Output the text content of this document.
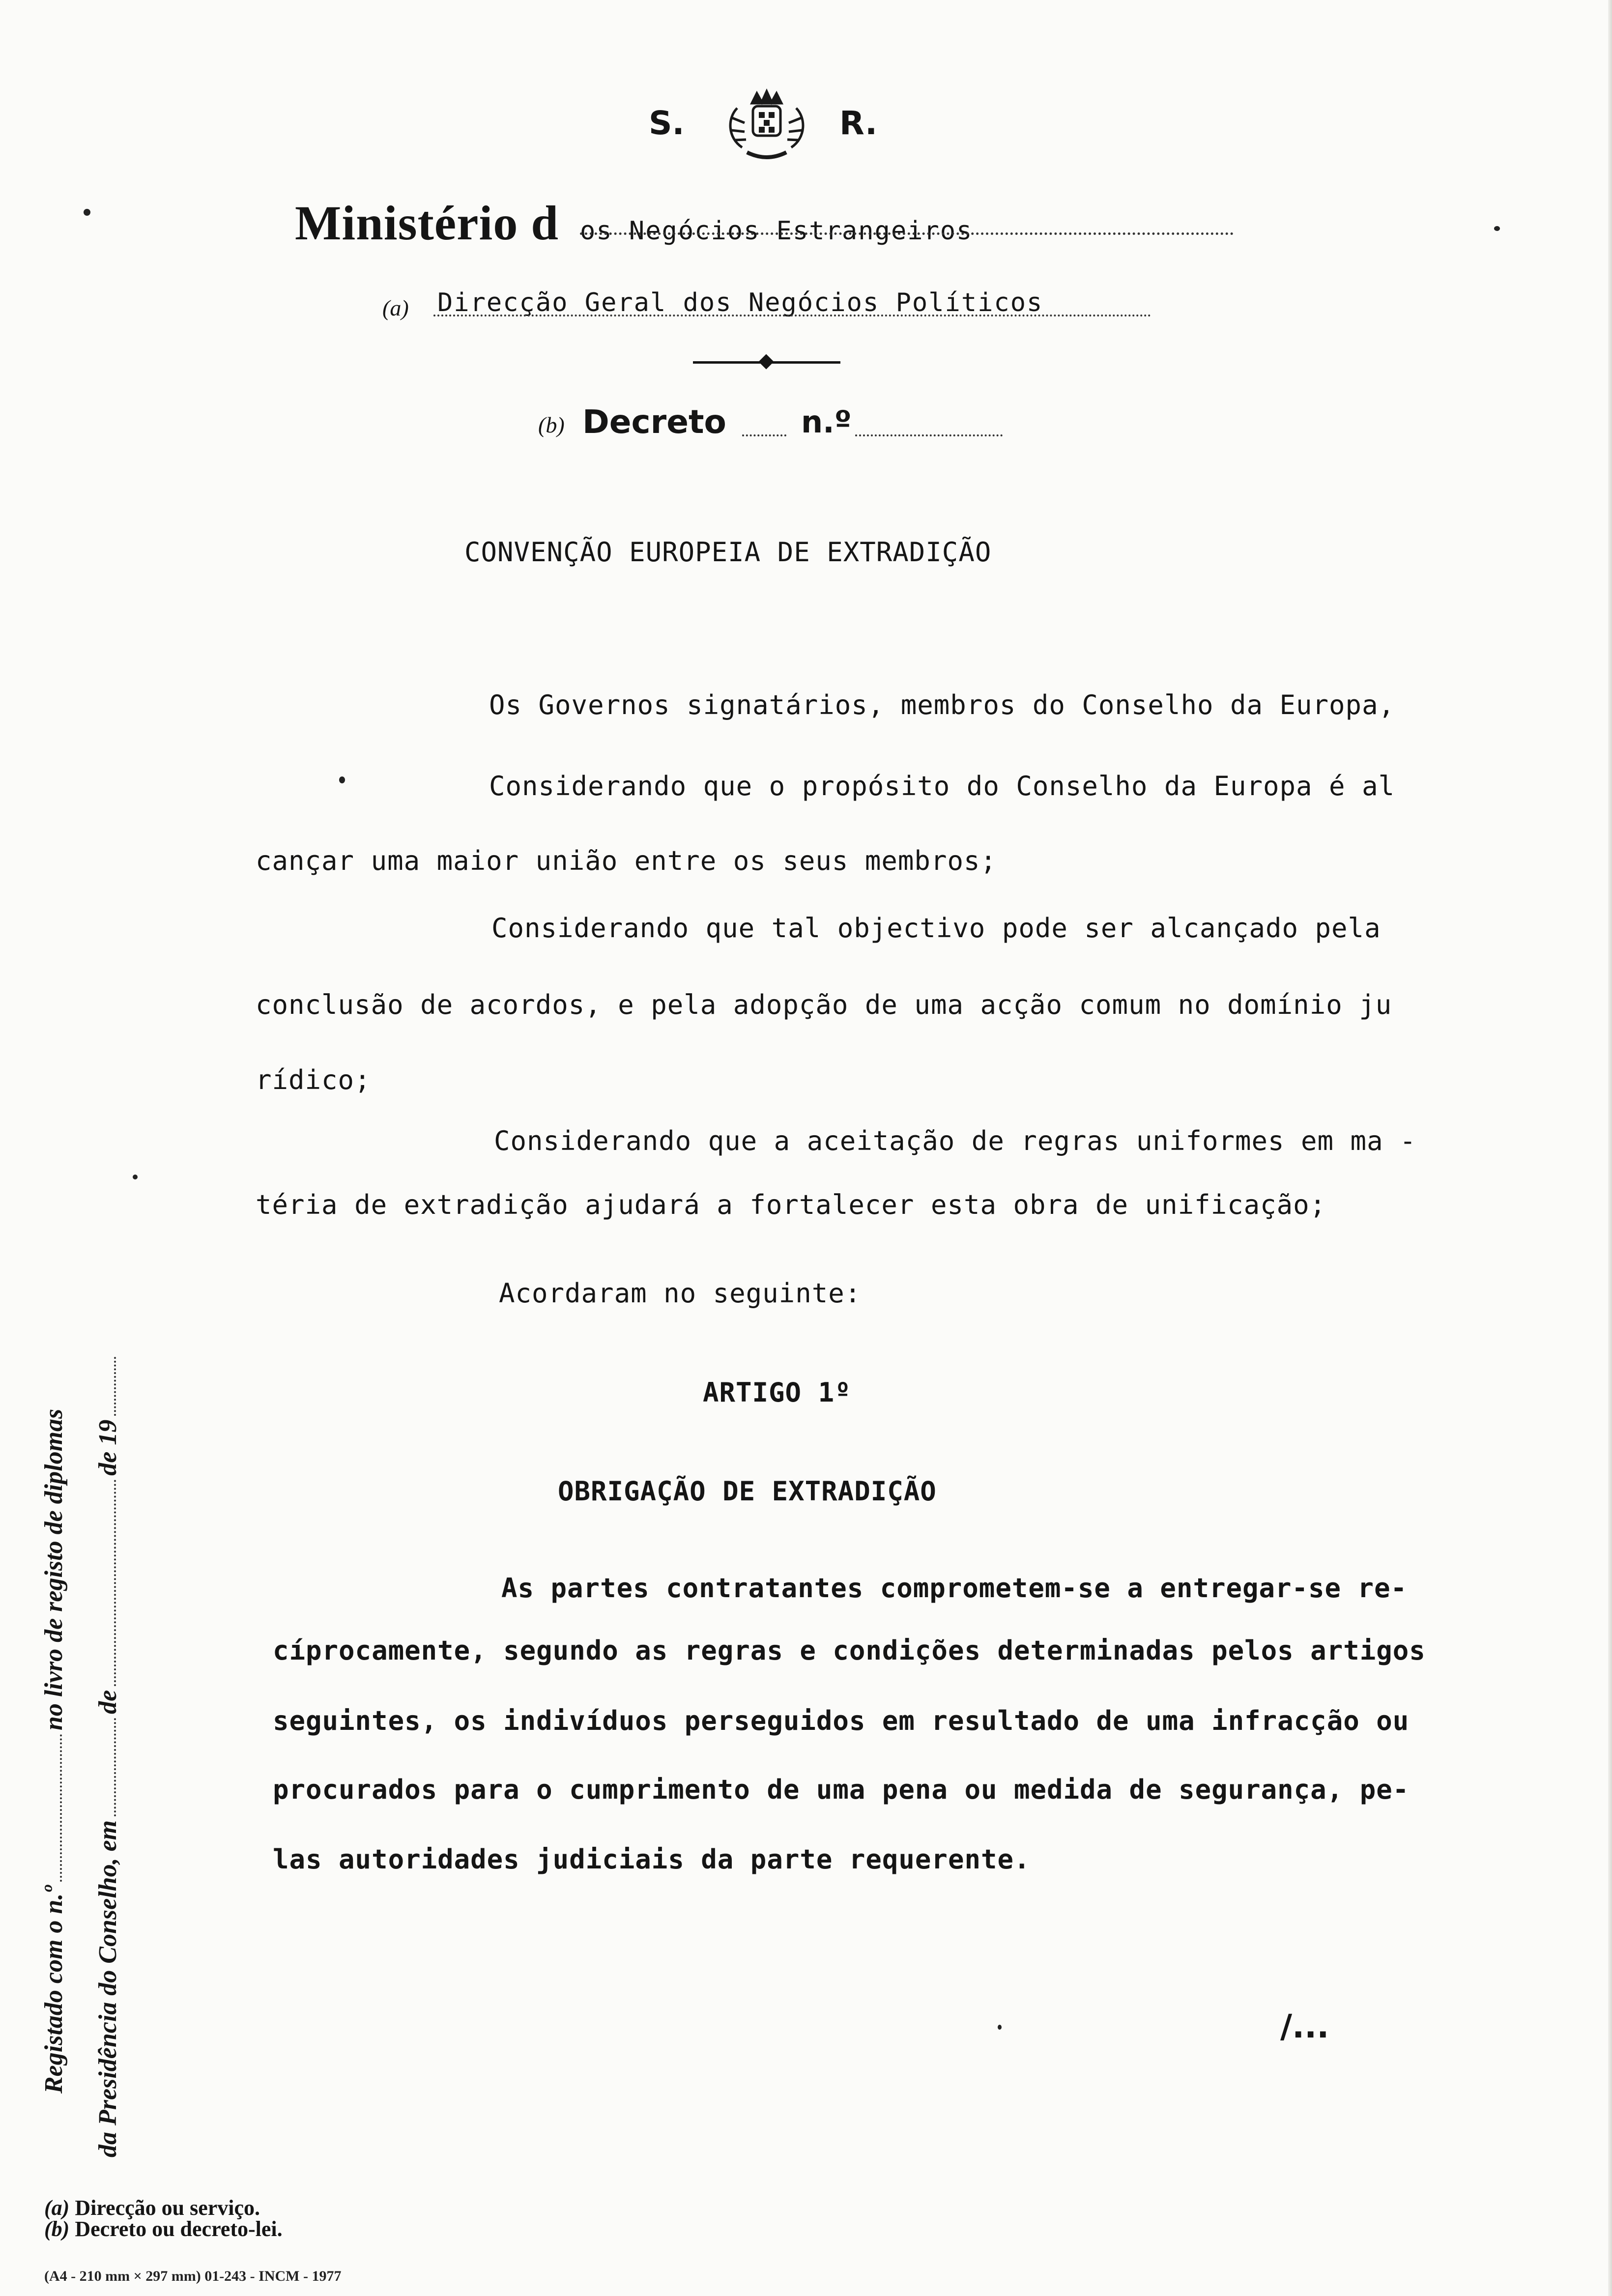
S.	R.
Ministério d os Negócios Estrangeiros
(a) Direcção Geral dos Negócios Políticos
(b) Decreto n.º
CONVENÇÃO EUROPEIA DE EXTRADIÇÃO
Os Governos signatários, membros do Conselho da Europa,
Considerando que o propósito do Conselho da Europa é al
cançar uma maior união entre os seus membros;
Considerando que tal objectivo pode ser alcançado pela
conclusão de acordos, e pela adopção de uma acção comum no domínio ju
rídico;
Considerando que a aceitação de regras uniformes em ma -
téria de extradição ajudará a fortalecer esta obra de unificação;
Acordaram no seguinte:
ARTIGO 1º
OBRIGAÇÃO DE EXTRADIÇÃO
As partes contratantes comprometem-se a entregar-se re-
cíprocamente, segundo as regras e condições determinadas pelos artigos
seguintes, os indivíduos perseguidos em resultado de uma infracção ou
procurados para o cumprimento de uma pena ou medida de segurança, pe-
las autoridades judiciais da parte requerente.
/...
Registado com o n.º
no livro de registo de diplomas
da Presidência do Conselho, em
de
de 19
(a) Direcção ou serviço.
(b) Decreto ou decreto-lei.
(A4 - 210 mm × 297 mm) 01-243 - INCM - 1977
